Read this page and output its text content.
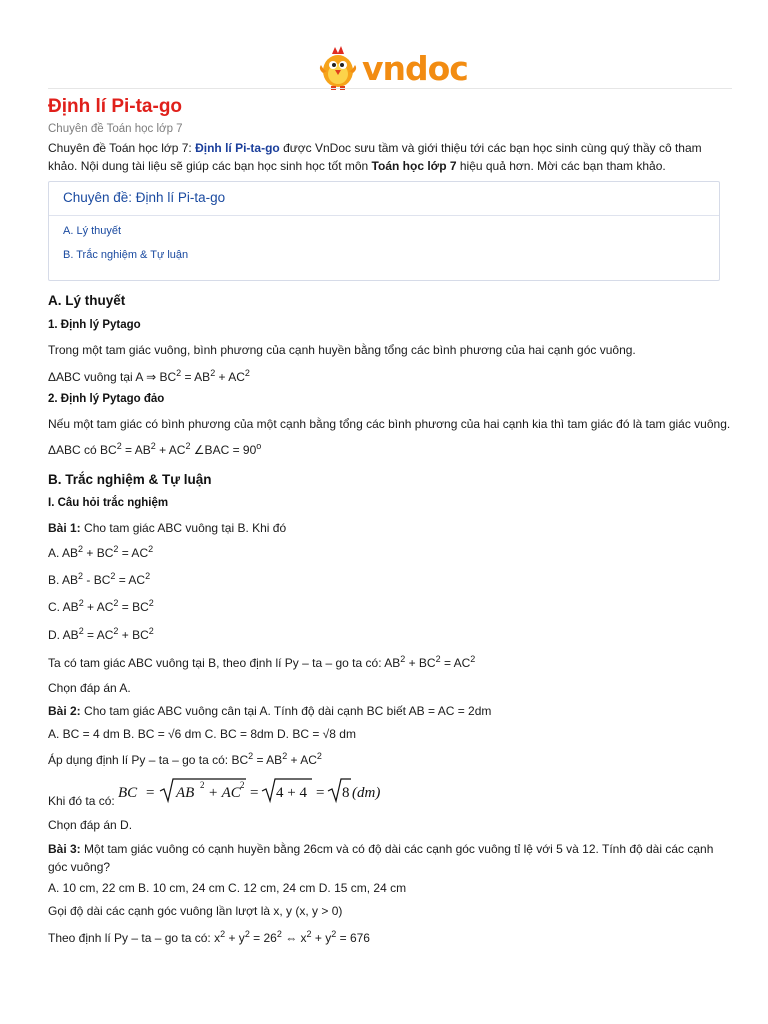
vndoc
Định lí Pi-ta-go
Chuyên đề Toán học lớp 7
Chuyên đề Toán học lớp 7: Định lí Pi-ta-go được VnDoc sưu tầm và giới thiệu tới các bạn học sinh cùng quý thầy cô tham khảo. Nội dung tài liệu sẽ giúp các bạn học sinh học tốt môn Toán học lớp 7 hiệu quả hơn. Mời các bạn tham khảo.
Chuyên đề: Định lí Pi-ta-go
A. Lý thuyết
B. Trắc nghiệm & Tự luận
A. Lý thuyết
1. Định lý Pytago
Trong một tam giác vuông, bình phương của cạnh huyền bằng tổng các bình phương của hai cạnh góc vuông.
ΔABC vuông tại A ⇒ $BC^2 = AB^2 + AC^2$
2. Định lý Pytago đảo
Nếu một tam giác có bình phương của một cạnh bằng tổng các bình phương của hai cạnh kia thì tam giác đó là tam giác vuông.
ΔABC có $BC^2 = AB^2 + AC^2$ ∠BAC = $90^o$
B. Trắc nghiệm & Tự luận
I. Câu hỏi trắc nghiệm
Bài 1: Cho tam giác ABC vuông tại B. Khi đó
A. $AB^2 + BC^2 = AC^2$
B. $AB^2 - BC^2 = AC^2$
C. $AB^2 + AC^2 = BC^2$
D. $AB^2 = AC^2 + BC^2$
Ta có tam giác ABC vuông tại B, theo định lí Py – ta – go ta có: $AB^2 + BC^2 = AC^2$
Chọn đáp án A.
Bài 2: Cho tam giác ABC vuông cân tại A. Tính độ dài cạnh BC biết AB = AC = 2dm
A. BC = 4 dm B. BC = √6 dm C. BC = 8dm D. BC = √8 dm
Áp dụng định lí Py – ta – go ta có: $BC^2 = AB^2 + AC^2$
Khi đó ta có: BC = AB 2 + AC 2 = 4 + 4 = 8 (dm)
Chọn đáp án D.
Bài 3: Một tam giác vuông có cạnh huyền bằng 26cm và có độ dài các cạnh góc vuông tỉ lệ với 5 và 12. Tính độ dài các cạnh góc vuông?
A. 10 cm, 22 cm B. 10 cm, 24 cm C. 12 cm, 24 cm D. 15 cm, 24 cm
Gọi độ dài các cạnh góc vuông lần lượt là x, y (x, y > 0)
Theo định lí Py – ta – go ta có: $x^2 + y^2 = 26^2$ ⇔ $x^2 + y^2 = 676$
